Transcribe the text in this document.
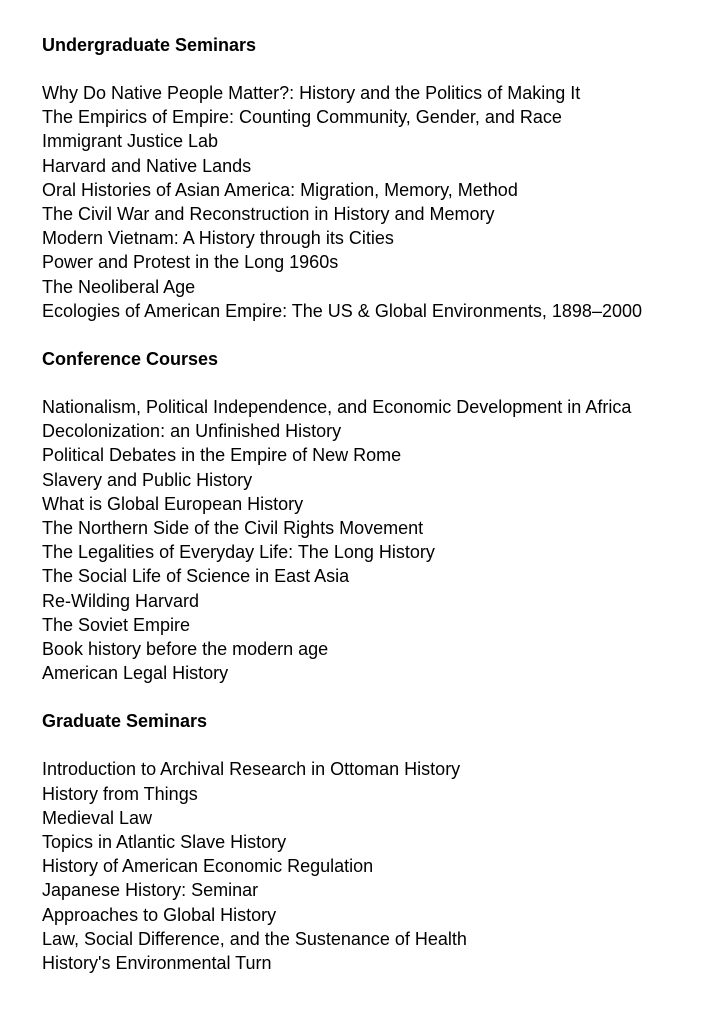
Undergraduate Seminars
Why Do Native People Matter?: History and the Politics of Making It
The Empirics of Empire: Counting Community, Gender, and Race
Immigrant Justice Lab
Harvard and Native Lands
Oral Histories of Asian America: Migration, Memory, Method
The Civil War and Reconstruction in History and Memory
Modern Vietnam: A History through its Cities
Power and Protest in the Long 1960s
The Neoliberal Age
Ecologies of American Empire: The US & Global Environments, 1898–2000
Conference Courses
Nationalism, Political Independence, and Economic Development in Africa
Decolonization: an Unfinished History
Political Debates in the Empire of New Rome
Slavery and Public History
What is Global European History
The Northern Side of the Civil Rights Movement
The Legalities of Everyday Life: The Long History
The Social Life of Science in East Asia
Re-Wilding Harvard
The Soviet Empire
Book history before the modern age
American Legal History
Graduate Seminars
Introduction to Archival Research in Ottoman History
History from Things
Medieval Law
Topics in Atlantic Slave History
History of American Economic Regulation
Japanese History: Seminar
Approaches to Global History
Law, Social Difference, and the Sustenance of Health
History's Environmental Turn
